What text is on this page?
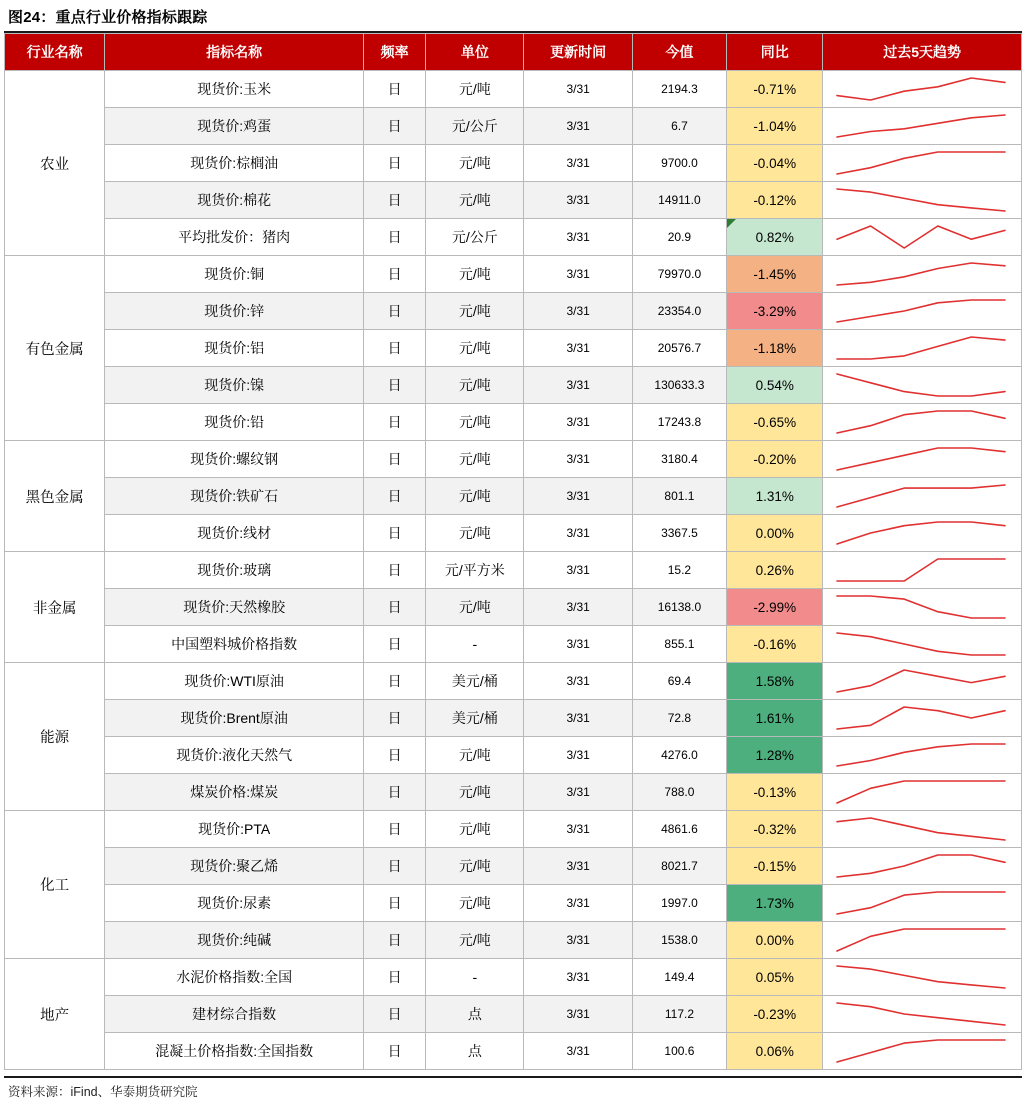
图24：重点行业价格指标跟踪
行业名称	指标名称	频率	单位	更新时间	今值	同比	过去5天趋势
农业	现货价:玉米	日	元/吨	3/31	2194.3	-0.71%	

	现货价:鸡蛋	日	元/公斤	3/31	6.7	-1.04%	

	现货价:棕榈油	日	元/吨	3/31	9700.0	-0.04%	

	现货价:棉花	日	元/吨	3/31	14911.0	-0.12%	

	平均批发价：猪肉	日	元/公斤	3/31	20.9	0.82%	

有色金属	现货价:铜	日	元/吨	3/31	79970.0	-1.45%	

	现货价:锌	日	元/吨	3/31	23354.0	-3.29%	

	现货价:铝	日	元/吨	3/31	20576.7	-1.18%	

	现货价:镍	日	元/吨	3/31	130633.3	0.54%	

	现货价:铅	日	元/吨	3/31	17243.8	-0.65%	

黑色金属	现货价:螺纹钢	日	元/吨	3/31	3180.4	-0.20%	

	现货价:铁矿石	日	元/吨	3/31	801.1	1.31%	

	现货价:线材	日	元/吨	3/31	3367.5	0.00%	

非金属	现货价:玻璃	日	元/平方米	3/31	15.2	0.26%	

	现货价:天然橡胶	日	元/吨	3/31	16138.0	-2.99%	

	中国塑料城价格指数	日	-	3/31	855.1	-0.16%	

能源	现货价:WTI原油	日	美元/桶	3/31	69.4	1.58%	

	现货价:Brent原油	日	美元/桶	3/31	72.8	1.61%	

	现货价:液化天然气	日	元/吨	3/31	4276.0	1.28%	

	煤炭价格:煤炭	日	元/吨	3/31	788.0	-0.13%	

化工	现货价:PTA	日	元/吨	3/31	4861.6	-0.32%	

	现货价:聚乙烯	日	元/吨	3/31	8021.7	-0.15%	

	现货价:尿素	日	元/吨	3/31	1997.0	1.73%	

	现货价:纯碱	日	元/吨	3/31	1538.0	0.00%	

地产	水泥价格指数:全国	日	-	3/31	149.4	0.05%	

	建材综合指数	日	点	3/31	117.2	-0.23%	

	混凝土价格指数:全国指数	日	点	3/31	100.6	0.06%	
资料来源：iFind、华泰期货研究院
